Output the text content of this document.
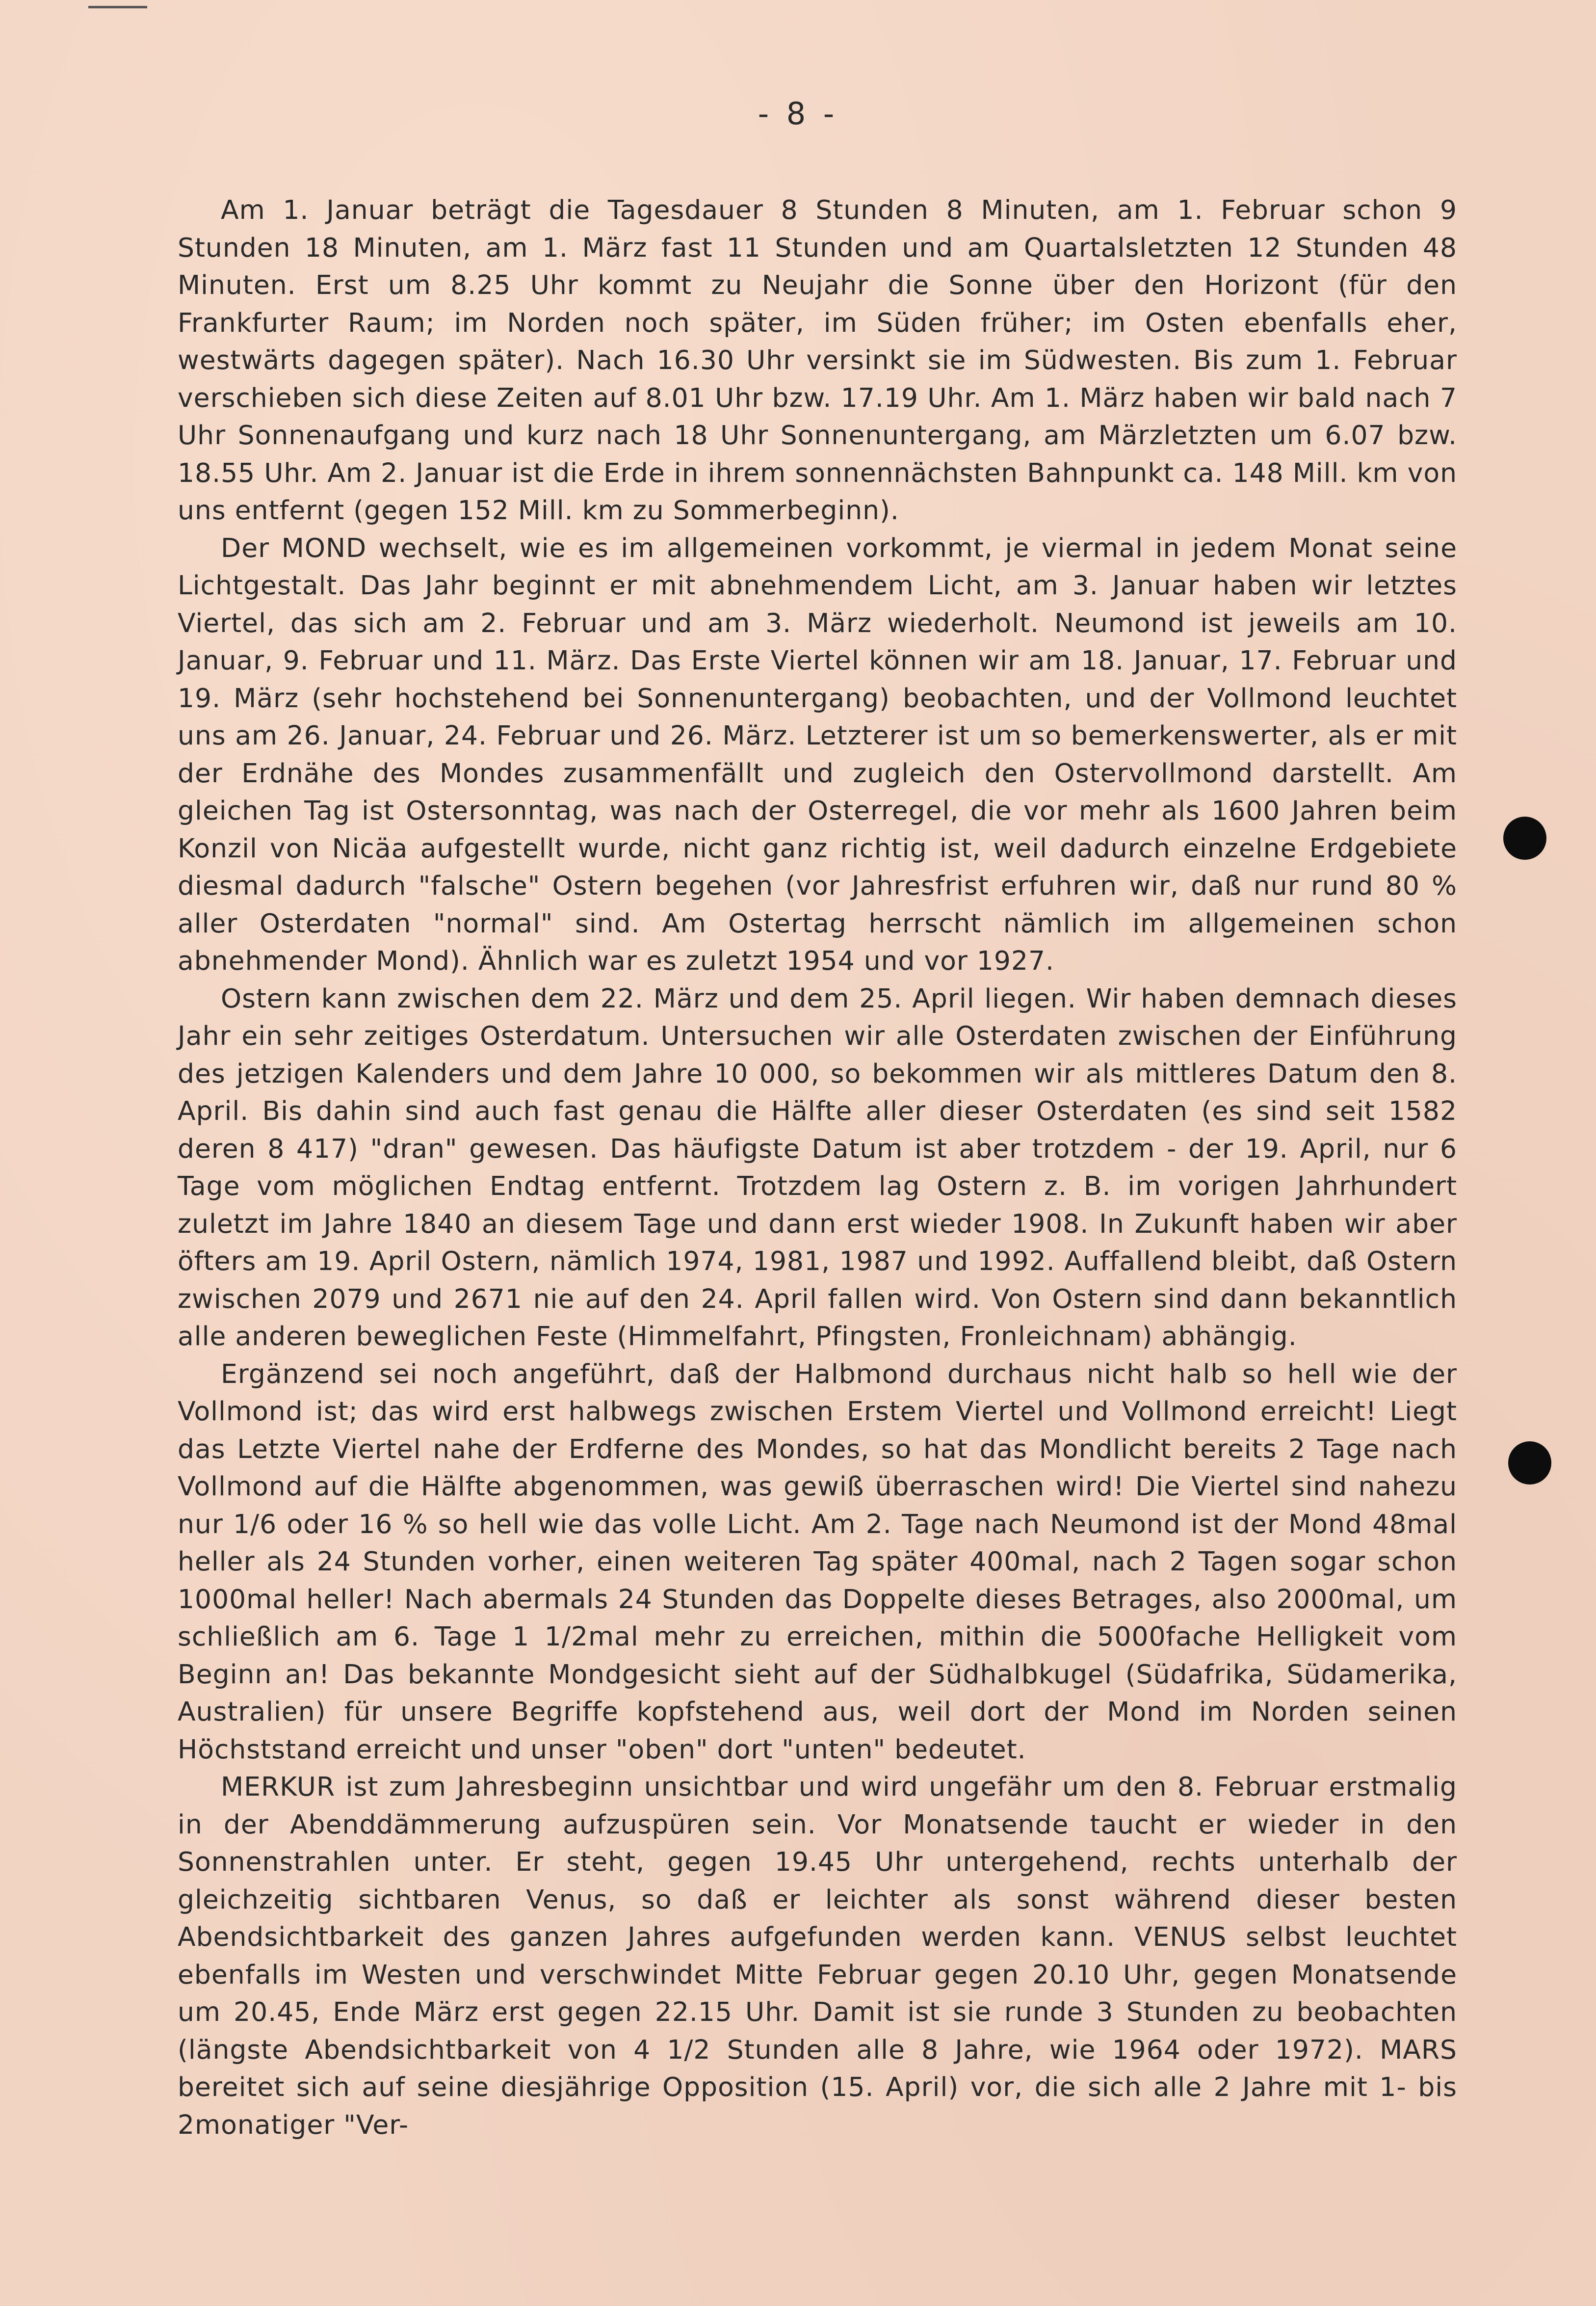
- 8 -

Am 1. Januar beträgt die Tagesdauer 8 Stunden 8 Minuten, am 1. Februar schon 9 Stunden 18 Minuten, am 1. März fast 11 Stunden und am Quartalsletzten 12 Stunden 48 Minuten. Erst um 8.25 Uhr kommt zu Neujahr die Sonne über den Horizont (für den Frankfurter Raum; im Norden noch später, im Süden früher; im Osten ebenfalls eher, westwärts dagegen später). Nach 16.30 Uhr versinkt sie im Südwesten. Bis zum 1. Februar verschieben sich diese Zeiten auf 8.01 Uhr bzw. 17.19 Uhr. Am 1. März haben wir bald nach 7 Uhr Sonnenaufgang und kurz nach 18 Uhr Sonnenuntergang, am Märzletzten um 6.07 bzw. 18.55 Uhr. Am 2. Januar ist die Erde in ihrem sonnennächsten Bahnpunkt ca. 148 Mill. km von uns entfernt (gegen 152 Mill. km zu Sommerbeginn).

Der MOND wechselt, wie es im allgemeinen vorkommt, je viermal in jedem Monat seine Lichtgestalt. Das Jahr beginnt er mit abnehmendem Licht, am 3. Januar haben wir letztes Viertel, das sich am 2. Februar und am 3. März wiederholt. Neumond ist jeweils am 10. Januar, 9. Februar und 11. März. Das Erste Viertel können wir am 18. Januar, 17. Februar und 19. März (sehr hochstehend bei Sonnenuntergang) beobachten, und der Vollmond leuchtet uns am 26. Januar, 24. Februar und 26. März. Letzterer ist um so bemerkenswerter, als er mit der Erdnähe des Mondes zusammenfällt und zugleich den Ostervollmond darstellt. Am gleichen Tag ist Ostersonntag, was nach der Osterregel, die vor mehr als 1600 Jahren beim Konzil von Nicäa aufgestellt wurde, nicht ganz richtig ist, weil dadurch einzelne Erdgebiete diesmal dadurch "falsche" Ostern begehen (vor Jahresfrist erfuhren wir, daß nur rund 80 % aller Osterdaten "normal" sind. Am Ostertag herrscht nämlich im allgemeinen schon abnehmender Mond). Ähnlich war es zuletzt 1954 und vor 1927.

Ostern kann zwischen dem 22. März und dem 25. April liegen. Wir haben demnach dieses Jahr ein sehr zeitiges Osterdatum. Untersuchen wir alle Osterdaten zwischen der Einführung des jetzigen Kalenders und dem Jahre 10 000, so bekommen wir als mittleres Datum den 8. April. Bis dahin sind auch fast genau die Hälfte aller dieser Osterdaten (es sind seit 1582 deren 8 417) "dran" gewesen. Das häufigste Datum ist aber trotzdem - der 19. April, nur 6 Tage vom möglichen Endtag entfernt. Trotzdem lag Ostern z. B. im vorigen Jahrhundert zuletzt im Jahre 1840 an diesem Tage und dann erst wieder 1908. In Zukunft haben wir aber öfters am 19. April Ostern, nämlich 1974, 1981, 1987 und 1992. Auffallend bleibt, daß Ostern zwischen 2079 und 2671 nie auf den 24. April fallen wird. Von Ostern sind dann bekanntlich alle anderen beweglichen Feste (Himmelfahrt, Pfingsten, Fronleichnam) abhängig.

Ergänzend sei noch angeführt, daß der Halbmond durchaus nicht halb so hell wie der Vollmond ist; das wird erst halbwegs zwischen Erstem Viertel und Vollmond erreicht! Liegt das Letzte Viertel nahe der Erdferne des Mondes, so hat das Mondlicht bereits 2 Tage nach Vollmond auf die Hälfte abgenommen, was gewiß überraschen wird! Die Viertel sind nahezu nur 1/6 oder 16 % so hell wie das volle Licht. Am 2. Tage nach Neumond ist der Mond 48mal heller als 24 Stunden vorher, einen weiteren Tag später 400mal, nach 2 Tagen sogar schon 1000mal heller! Nach abermals 24 Stunden das Doppelte dieses Betrages, also 2000mal, um schließlich am 6. Tage 1 1/2mal mehr zu erreichen, mithin die 5000fache Helligkeit vom Beginn an! Das bekannte Mondgesicht sieht auf der Südhalbkugel (Südafrika, Südamerika, Australien) für unsere Begriffe kopfstehend aus, weil dort der Mond im Norden seinen Höchststand erreicht und unser "oben" dort "unten" bedeutet.

MERKUR ist zum Jahresbeginn unsichtbar und wird ungefähr um den 8. Februar erstmalig in der Abenddämmerung aufzuspüren sein. Vor Monatsende taucht er wieder in den Sonnenstrahlen unter. Er steht, gegen 19.45 Uhr untergehend, rechts unterhalb der gleichzeitig sichtbaren Venus, so daß er leichter als sonst während dieser besten Abendsichtbarkeit des ganzen Jahres aufgefunden werden kann. VENUS selbst leuchtet ebenfalls im Westen und verschwindet Mitte Februar gegen 20.10 Uhr, gegen Monatsende um 20.45, Ende März erst gegen 22.15 Uhr. Damit ist sie runde 3 Stunden zu beobachten (längste Abendsichtbarkeit von 4 1/2 Stunden alle 8 Jahre, wie 1964 oder 1972). MARS bereitet sich auf seine diesjährige Opposition (15. April) vor, die sich alle 2 Jahre mit 1- bis 2monatiger "Ver-
